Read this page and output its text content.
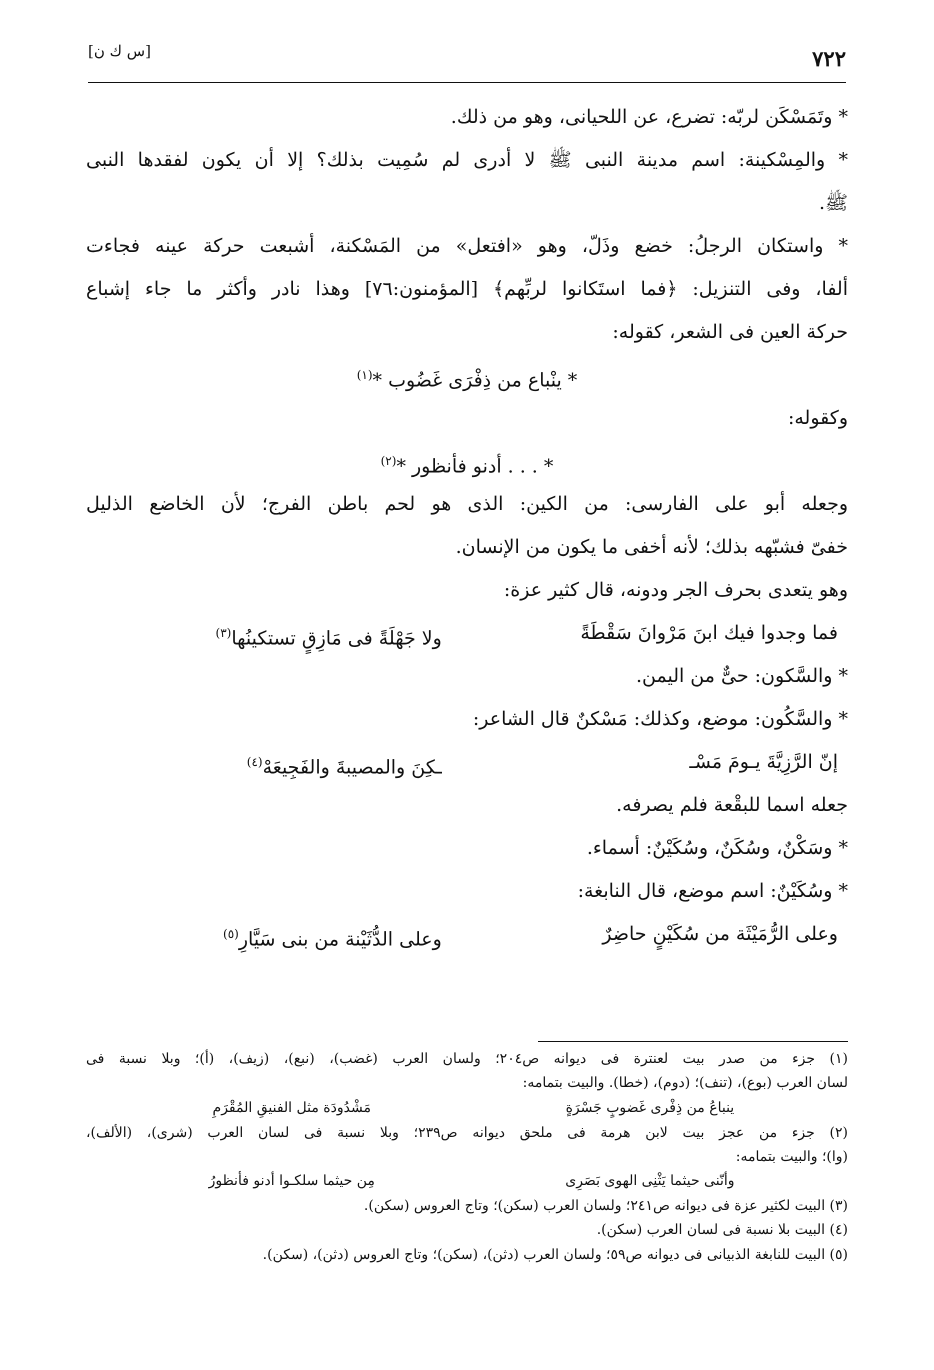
٧٢٢
[س ك ن]
* وتَمَسْكَن لربّه: تضرع، عن اللحيانى، وهو من ذلك.
* والمِسْكينة: اسم مدينة النبى ﷺ لا أدرى لم سُمِيت بذلك؟ إلا أن يكون لفقدها النبى
ﷺ.
* واستكان الرجلُ: خضع وذَلّ، وهو «افتعل» من المَسْكنة، أشبعت حركة عينه فجاءت
ألفا، وفى التنزيل: ﴿فما استَكانوا لربِّهم﴾ [المؤمنون:٧٦] وهذا نادر وأكثر ما جاء إشباع
حركة العين فى الشعر، كقوله:
* ينْباع من ذِفْرَى غَضُوب *$^{(١)}$
وكقوله:
* . . . أدنو فأنظور *$^{(٢)}$
وجعله أبو على الفارسى: من الكين: الذى هو لحم باطن الفرج؛ لأن الخاضع الذليل
خفىّ فشبّهه بذلك؛ لأنه أخفى ما يكون من الإنسان.
وهو يتعدى بحرف الجر ودونه، قال كثير عزة:
فما وجدوا فيك ابنَ مَرْوانَ سَقْطَةً
ولا جَهْلَةً فى مَازِقٍ تستكينُها$^{(٣)}$
* والسَّكون: حىٌّ من اليمن.
* والسَّكُون: موضع، وكذلك: مَسْكنٌ قال الشاعر:
إنّ الرَّزِيَّةَ يـومَ مَسْـ
ـكِنَ والمصيبةَ والفَجِيعَهْ$^{(٤)}$
جعله اسما للبقْعة فلم يصرفه.
* وسَكْنٌ، وسُكَنٌ، وسُكَيْنٌ: أسماء.
* وسُكَيْنٌ: اسم موضع، قال النابغة:
وعلى الرُّمَيْثَة من سُكَيْنٍ حاضِرٌ
وعلى الدُّثَيْنة من بنى سَيَّارِ$^{(٥)}$
(١) جزء من صدر بيت لعنترة فى ديوانه ص٢٠٤؛ ولسان العرب (غضب)، (نبع)، (زيف)، (أ)؛ وبلا نسبة فى
لسان العرب (بوع)، (تنف)؛ (دوم)، (خطا). والبيت بتمامه:
ينباعُ من ذِفْرى غَضوبٍ جَسْرَةٍ
مَشْدُودَة مثل الفنيقِ المُقْرَمِ
(٢) جزء من عجز بيت لابن هرمة فى ملحق ديوانه ص٢٣٩؛ وبلا نسبة فى لسان العرب (شرى)، (الألف)،
(وا)؛ والبيت بتمامه:
وأنّنى حيثما يَثْنِى الهوى بَصَرِى
مِن حيثما سلكـوا أدنو فأنظورُ
(٣) البيت لكثير عزة فى ديوانه ص٢٤١؛ ولسان العرب (سكن)؛ وتاج العروس (سكن).
(٤) البيت بلا نسبة فى لسان العرب (سكن).
(٥) البيت للنابغة الذبيانى فى ديوانه ص٥٩؛ ولسان العرب (دثن)، (سكن)؛ وتاج العروس (دثن)، (سكن).
